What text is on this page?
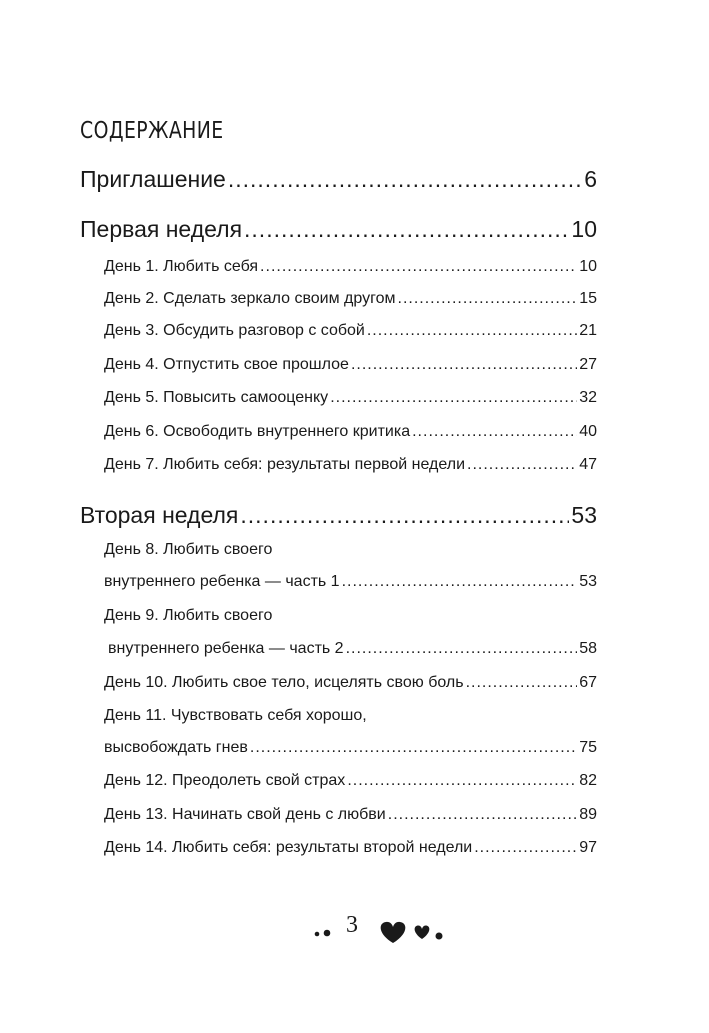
СОДЕРЖАНИЕ
Приглашение .....	6
Первая неделя .....	10
День 1. Любить себя .....	10
День 2. Сделать зеркало своим другом .....	15
День 3. Обсудить разговор с собой .....	21
День 4. Отпустить свое прошлое .....	27
День 5. Повысить самооценку .....	32
День 6. Освободить внутреннего критика .....	40
День 7. Любить себя: результаты первой недели .....	47
Вторая неделя .....	53
День 8. Любить своего
внутреннего ребенка — часть 1 .....	53
День 9. Любить своего
внутреннего ребенка — часть 2 .....	58
День 10. Любить свое тело, исцелять свою боль .....	67
День 11. Чувствовать себя хорошо,
высвобождать гнев .....	75
День 12. Преодолеть свой страх .....	82
День 13. Начинать свой день с любви .....	89
День 14. Любить себя: результаты второй недели .....	97
3
